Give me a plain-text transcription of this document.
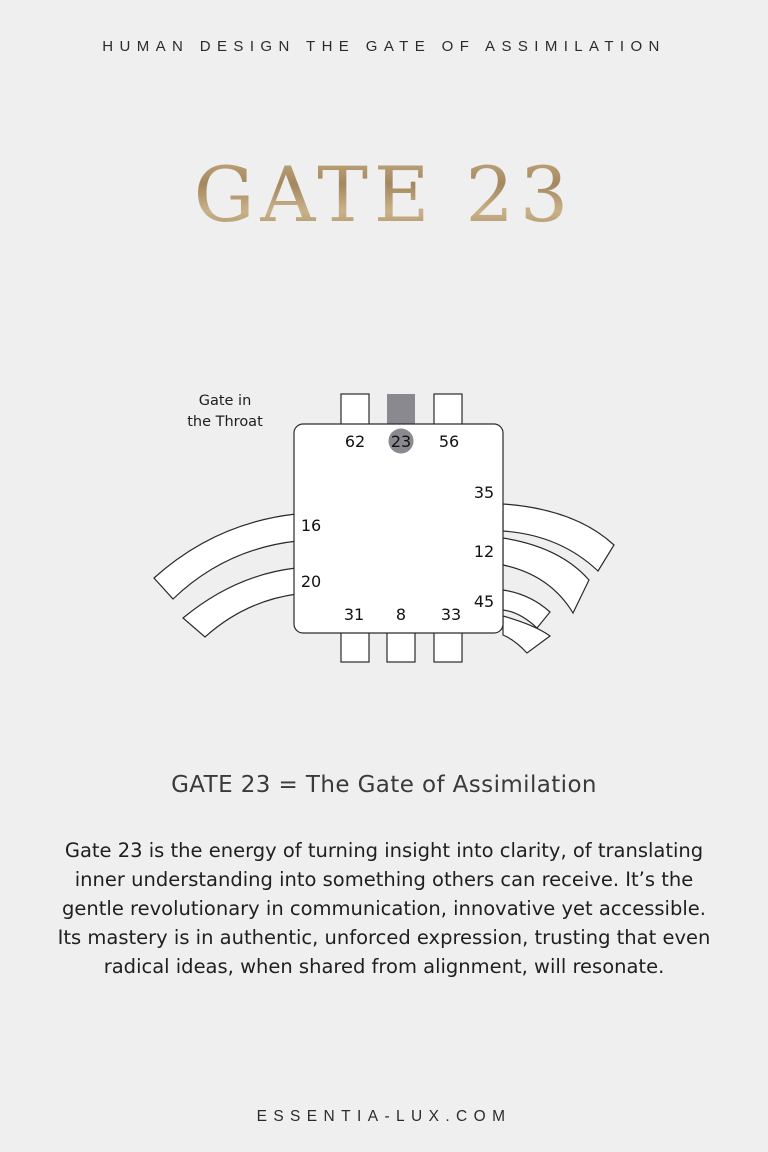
HUMAN DESIGN THE GATE OF ASSIMILATION
GATE 23
Gate in
the Throat
62 23 56
35
12
45
16
20
31 8 33
GATE 23 = The Gate of Assimilation

Gate 23 is the energy of turning insight into clarity, of translating inner understanding into something others can receive. It’s the gentle revolutionary in communication, innovative yet accessible. Its mastery is in authentic, unforced expression, trusting that even radical ideas, when shared from alignment, will resonate.

ESSENTIA-LUX.COM
